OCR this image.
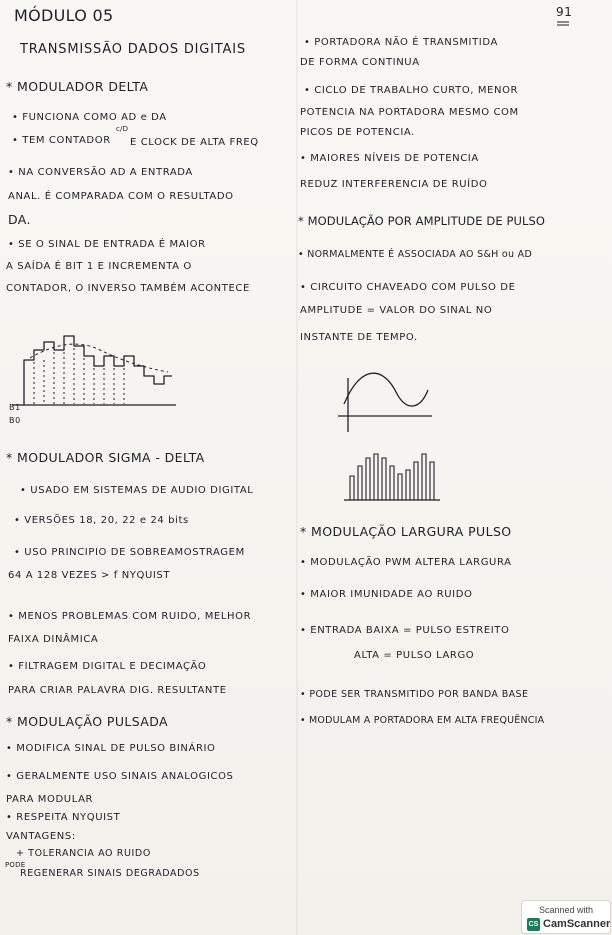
MÓDULO 05
TRANSMISSÃO DADOS DIGITAIS
* MODULADOR DELTA
• FUNCIONA COMO AD e DA
• TEM CONTADOR
c/D
E CLOCK DE ALTA FREQ
• NA CONVERSÃO AD A ENTRADA
ANAL. É COMPARADA COM O RESULTADO
DA.
• SE O SINAL DE ENTRADA É MAIOR
A SAÍDA É BIT 1 E INCREMENTA O
CONTADOR, O INVERSO TAMBÉM ACONTECE
B1
B0
* MODULADOR SIGMA - DELTA
• USADO EM SISTEMAS DE AUDIO DIGITAL
• VERSÕES 18, 20, 22 e 24 bits
• USO PRINCIPIO DE SOBREAMOSTRAGEM
64 A 128 VEZES > f NYQUIST
• MENOS PROBLEMAS COM RUIDO, MELHOR
FAIXA DINÂMICA
• FILTRAGEM DIGITAL E DECIMAÇÃO
PARA CRIAR PALAVRA DIG. RESULTANTE
* MODULAÇÃO PULSADA
• MODIFICA SINAL DE PULSO BINÁRIO
• GERALMENTE USO SINAIS ANALOGICOS
PARA MODULAR
• RESPEITA NYQUIST
VANTAGENS:
+ TOLERANCIA AO RUIDO
PODE
REGENERAR SINAIS DEGRADADOS
91
• PORTADORA NÃO É TRANSMITIDA
DE FORMA CONTINUA
• CICLO DE TRABALHO CURTO, MENOR
POTENCIA NA PORTADORA MESMO COM
PICOS DE POTENCIA.
• MAIORES NÍVEIS DE POTENCIA
REDUZ INTERFERENCIA DE RUÍDO
* MODULAÇÃO POR AMPLITUDE DE PULSO
• NORMALMENTE É ASSOCIADA AO S&H ou AD
• CIRCUITO CHAVEADO COM PULSO DE
AMPLITUDE = VALOR DO SINAL NO
INSTANTE DE TEMPO.
* MODULAÇÃO LARGURA PULSO
• MODULAÇÃO PWM ALTERA LARGURA
• MAIOR IMUNIDADE AO RUIDO
• ENTRADA BAIXA = PULSO ESTREITO
ALTA = PULSO LARGO
• PODE SER TRANSMITIDO POR BANDA BASE
• MODULAM A PORTADORA EM ALTA FREQUÊNCIA
Scanned with
CS CamScanner
